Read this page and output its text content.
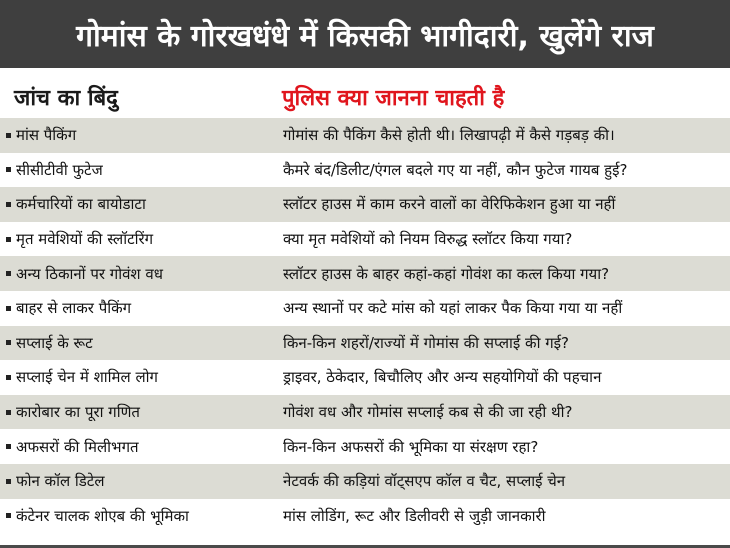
गोमांस के गोरखधंधे में किसकी भागीदारी, खुलेंगे राज
जांच का बिंदु	पुलिस क्या जानना चाहती है
मांस पैकिंग	गोमांस की पैकिंग कैसे होती थी। लिखापढ़ी में कैसे गड़बड़ की।
सीसीटीवी फुटेज	कैमरे बंद/डिलीट/एंगल बदले गए या नहीं, कौन फुटेज गायब हुई?
कर्मचारियों का बायोडाटा	स्लॉटर हाउस में काम करने वालों का वेरिफिकेशन हुआ या नहीं
मृत मवेशियों की स्लॉटरिंग	क्या मृत मवेशियों को नियम विरुद्ध स्लॉटर किया गया?
अन्य ठिकानों पर गोवंश वध	स्लॉटर हाउस के बाहर कहां-कहां गोवंश का कत्ल किया गया?
बाहर से लाकर पैकिंग	अन्य स्थानों पर कटे मांस को यहां लाकर पैक किया गया या नहीं
सप्लाई के रूट	किन-किन शहरों/राज्यों में गोमांस की सप्लाई की गई?
सप्लाई चेन में शामिल लोग	ड्राइवर, ठेकेदार, बिचौलिए और अन्य सहयोगियों की पहचान
कारोबार का पूरा गणित	गोवंश वध और गोमांस सप्लाई कब से की जा रही थी?
अफसरों की मिलीभगत	किन-किन अफसरों की भूमिका या संरक्षण रहा?
फोन कॉल डिटेल	नेटवर्क की कड़ियां वॉट्सएप कॉल व चैट, सप्लाई चेन
कंटेनर चालक शोएब की भूमिका	मांस लोडिंग, रूट और डिलीवरी से जुड़ी जानकारी
